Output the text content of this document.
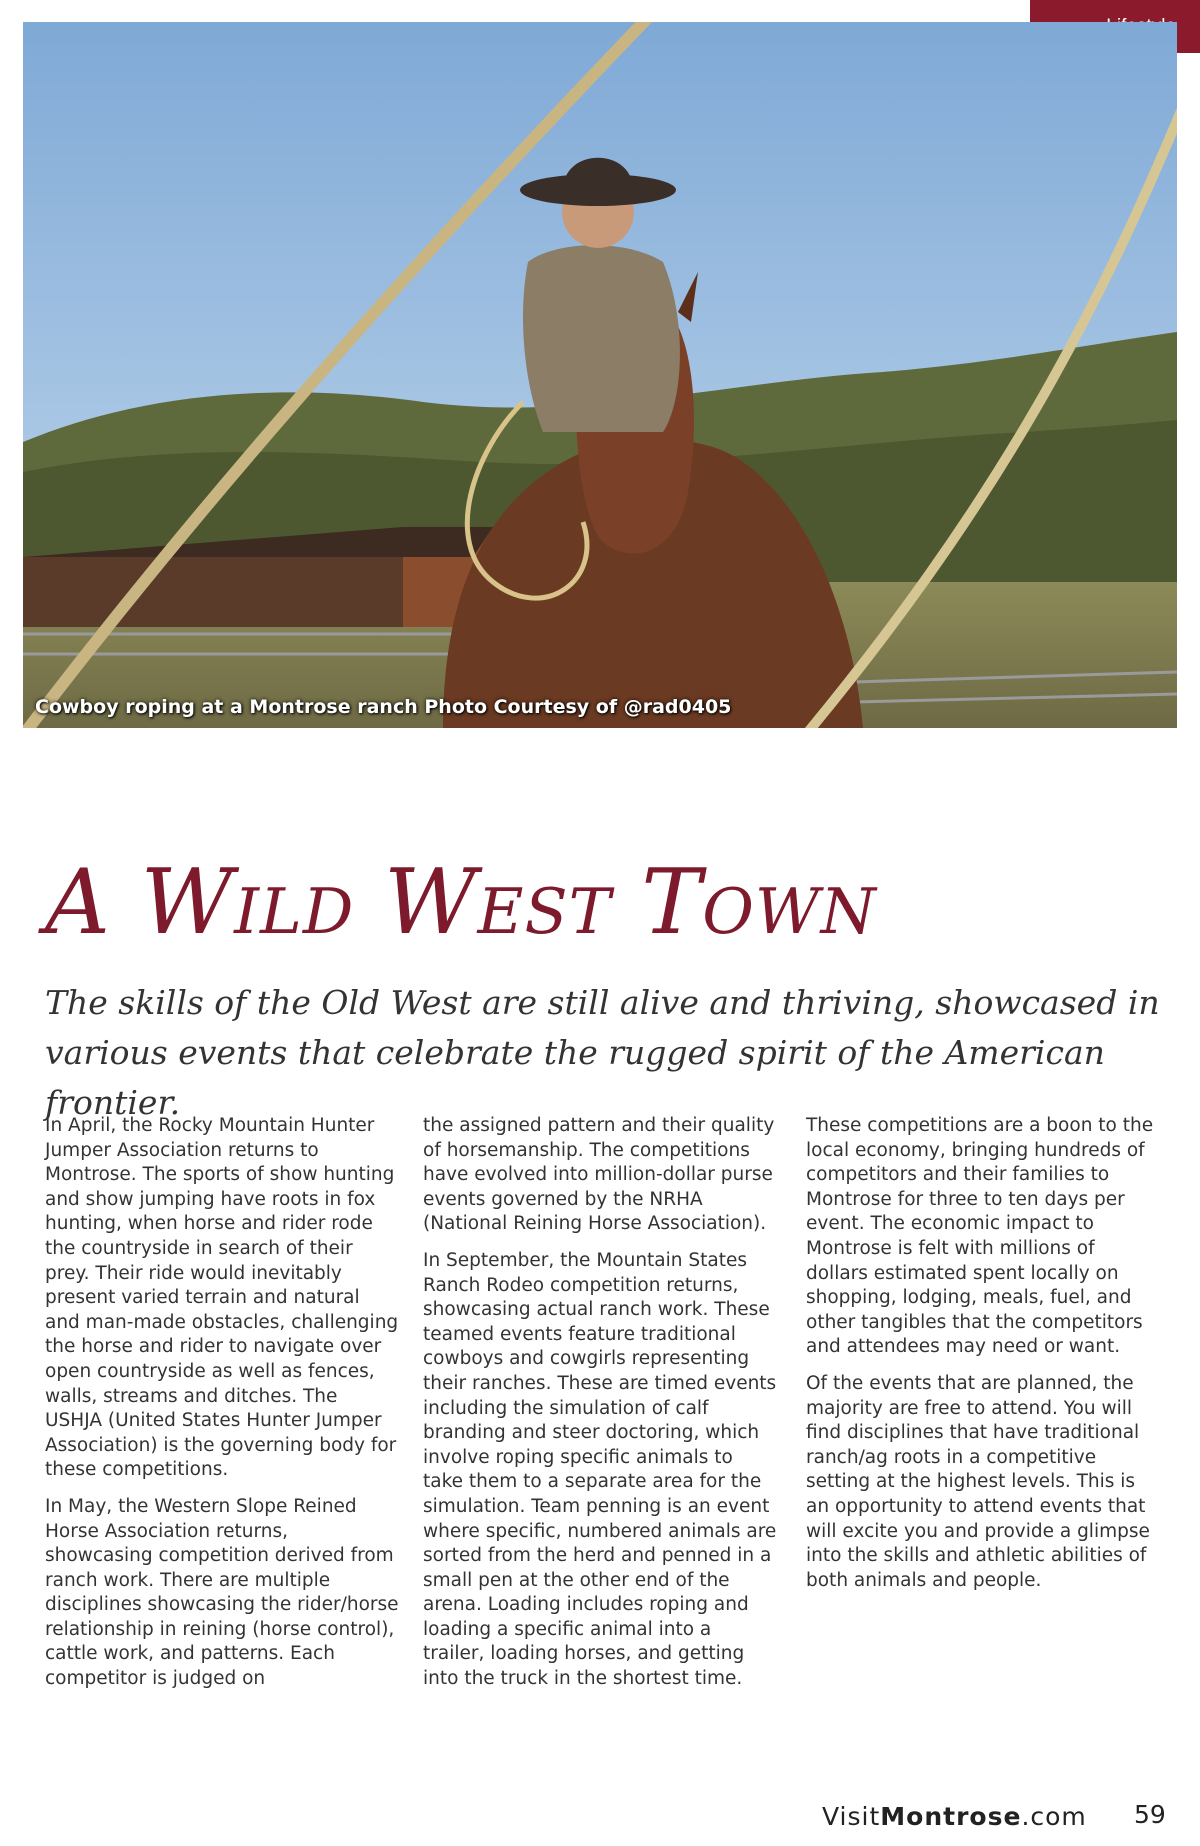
Cowboy roping at a Montrose ranch Photo Courtesy of @rad0405
A Wild West Town

The skills of the Old West are still alive and thriving, showcased in various events that celebrate the rugged spirit of the American frontier.

In April, the Rocky Mountain Hunter Jumper Association returns to Montrose. The sports of show hunting and show jumping have roots in fox hunting, when horse and rider rode the countryside in search of their prey. Their ride would inevitably present varied terrain and natural and man-made obstacles, challenging the horse and rider to navigate over open countryside as well as fences, walls, streams and ditches. The USHJA (United States Hunter Jumper Association) is the governing body for these competitions.

In May, the Western Slope Reined Horse Association returns, showcasing competition derived from ranch work. There are multiple disciplines showcasing the rider/horse relationship in reining (horse control), cattle work, and patterns. Each competitor is judged on

the assigned pattern and their quality of horsemanship. The competitions have evolved into million-dollar purse events governed by the NRHA (National Reining Horse Association).

In September, the Mountain States Ranch Rodeo competition returns, showcasing actual ranch work. These teamed events feature traditional cowboys and cowgirls representing their ranches. These are timed events including the simulation of calf branding and steer doctoring, which involve roping specific animals to take them to a separate area for the simulation. Team penning is an event where specific, numbered animals are sorted from the herd and penned in a small pen at the other end of the arena. Loading includes roping and loading a specific animal into a trailer, loading horses, and getting into the truck in the shortest time.

These competitions are a boon to the local economy, bringing hundreds of competitors and their families to Montrose for three to ten days per event. The economic impact to Montrose is felt with millions of dollars estimated spent locally on shopping, lodging, meals, fuel, and other tangibles that the competitors and attendees may need or want.

Of the events that are planned, the majority are free to attend. You will find disciplines that have traditional ranch/ag roots in a competitive setting at the highest levels. This is an opportunity to attend events that will excite you and provide a glimpse into the skills and athletic abilities of both animals and people.

VisitMontrose.com 59
